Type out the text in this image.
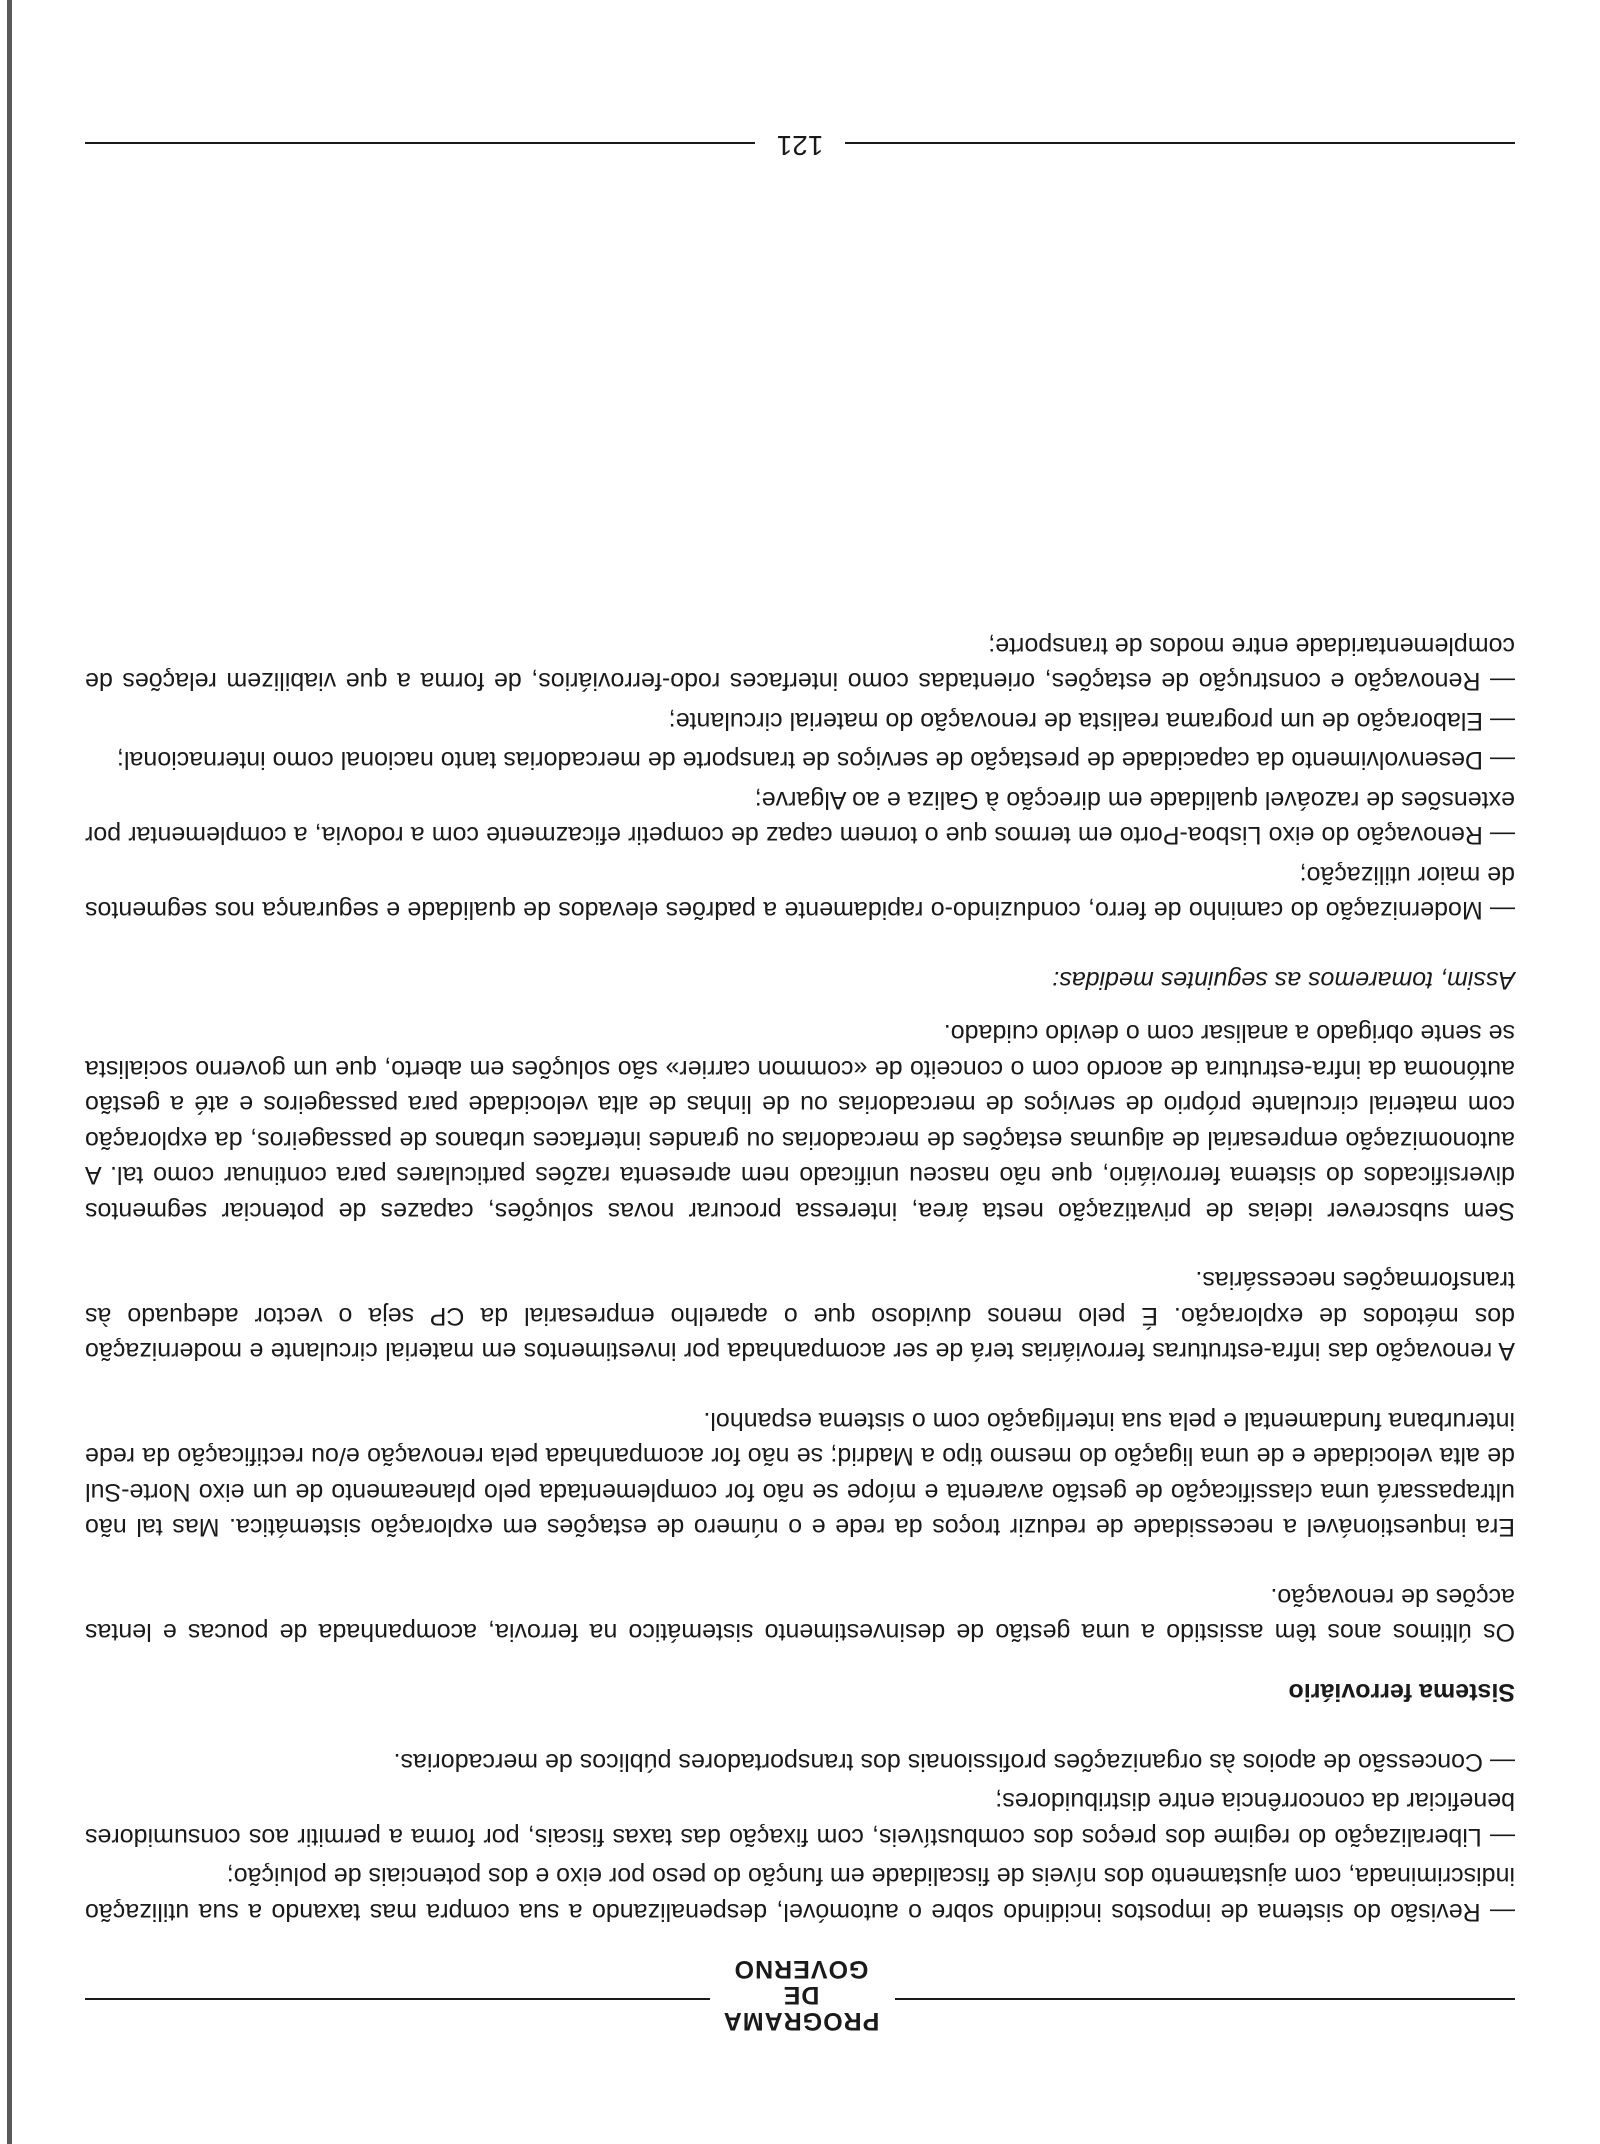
PROGRAMA
DE GOVERNO

— Revisão do sistema de impostos incidindo sobre o automóvel, despenalizando a sua compra mas taxando a sua utilização indiscriminada, com ajustamento dos níveis de fiscalidade em função do peso por eixo e dos potenciais de poluição;

— Liberalização do regime dos preços dos combustíveis, com fixação das taxas fiscais, por forma a permitir aos consumidores beneficiar da concorrência entre distribuidores;

— Concessão de apoios às organizações profissionais dos transportadores públicos de mercadorias.

Sistema ferroviário

Os últimos anos têm assistido a uma gestão de desinvestimento sistemático na ferrovia, acompanhada de poucas e lentas acções de renovação.

Era inquestionável a necessidade de reduzir troços da rede e o número de estações em exploração sistemática. Mas tal não ultrapassará uma classificação de gestão avarenta e míope se não for complementada pelo planeamento de um eixo Norte-Sul de alta velocidade e de uma ligação do mesmo tipo a Madrid; se não for acompanhada pela renovação e/ou rectificação da rede interurbana fundamental e pela sua interligação com o sistema espanhol.

A renovação das infra-estruturas ferroviárias terá de ser acompanhada por investimentos em material circulante e modernização dos métodos de exploração. É pelo menos duvidoso que o aparelho empresarial da CP seja o vector adequado às transformações necessárias.

Sem subscrever ideias de privatização nesta área, interessa procurar novas soluções, capazes de potenciar segmentos diversificados do sistema ferroviário, que não nasceu unificado nem apresenta razões particulares para continuar como tal. A autonomização empresarial de algumas estações de mercadorias ou grandes interfaces urbanos de passageiros, da exploração com material circulante próprio de serviços de mercadorias ou de linhas de alta velocidade para passageiros e até a gestão autónoma da infra-estrutura de acordo com o conceito de «common carrier» são soluções em aberto, que um governo socialista se sente obrigado a analisar com o devido cuidado.

Assim, tomaremos as seguintes medidas:

— Modernização do caminho de ferro, conduzindo-o rapidamente a padrões elevados de qualidade e segurança nos segmentos de maior utilização;

— Renovação do eixo Lisboa-Porto em termos que o tornem capaz de competir eficazmente com a rodovia, a complementar por extensões de razoável qualidade em direcção à Galiza e ao Algarve;

— Desenvolvimento da capacidade de prestação de serviços de transporte de mercadorias tanto nacional como internacional;

— Elaboração de um programa realista de renovação do material circulante;

— Renovação e construção de estações, orientadas como interfaces rodo-ferroviários, de forma a que viabilizem relações de complementaridade entre modos de transporte;

121
